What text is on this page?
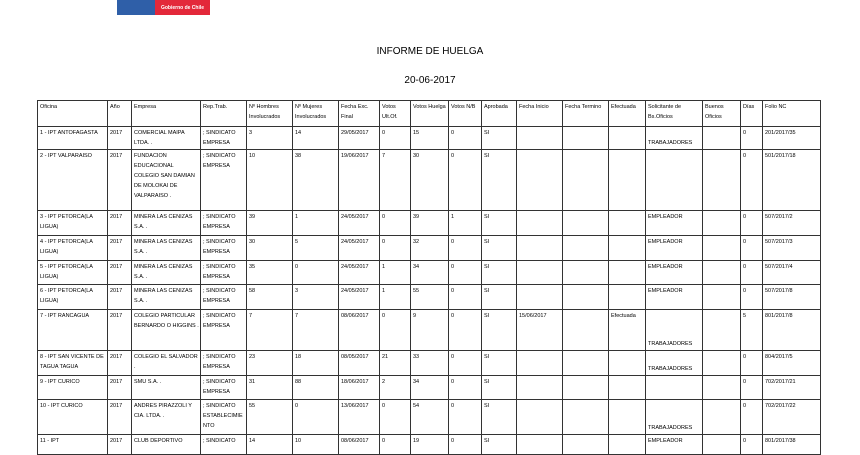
Gobierno de Chile
INFORME DE HUELGA
20-06-2017
Oficina	Año	Empresa	Rep.Trab.	Nº Hombres Involucrados	Nº Mujeres Involucrados	Fecha Exc. Final	Votos Ult.Of.	Votos Huelga	Votos N/B	Aprobada	Fecha Inicio	Fecha Termino	Efectuada	Solicitante de Bs.Oficios	Buenos Oficios	Días	Folio NC
1 - IPT ANTOFAGASTA	2017	COMERCIAL MAIPA LTDA. .	; SINDICATO EMPRESA	3	14	29/05/2017	0	15	0	SI				TRABAJADORES		0	201/2017/35
2 - IPT VALPARAISO	2017	FUNDACION EDUCACIONAL COLEGIO SAN DAMIAN DE MOLOKAI DE VALPARAISO .	; SINDICATO EMPRESA	10	38	19/06/2017	7	30	0	SI						0	501/2017/18
3 - IPT PETORCA(LA LIGUA)	2017	MINERA LAS CENIZAS S.A. .	; SINDICATO EMPRESA	39	1	24/05/2017	0	39	1	SI				EMPLEADOR		0	507/2017/2
4 - IPT PETORCA(LA LIGUA)	2017	MINERA LAS CENIZAS S.A. .	; SINDICATO EMPRESA	30	5	24/05/2017	0	32	0	SI				EMPLEADOR		0	507/2017/3
5 - IPT PETORCA(LA LIGUA)	2017	MINERA LAS CENIZAS S.A. .	; SINDICATO EMPRESA	35	0	24/05/2017	1	34	0	SI				EMPLEADOR		0	507/2017/4
6 - IPT PETORCA(LA LIGUA)	2017	MINERA LAS CENIZAS S.A. .	; SINDICATO EMPRESA	58	3	24/05/2017	1	55	0	SI				EMPLEADOR		0	507/2017/8
7 - IPT RANCAGUA	2017	COLEGIO PARTICULAR BERNARDO O HIGGINS .	; SINDICATO EMPRESA	7	7	08/06/2017	0	9	0	SI	15/06/2017		Efectuada	TRABAJADORES		5	801/2017/8
8 - IPT SAN VICENTE DE TAGUA TAGUA	2017	COLEGIO EL SALVADOR .	; SINDICATO EMPRESA	23	18	08/05/2017	21	33	0	SI				TRABAJADORES		0	804/2017/5
9 - IPT CURICO	2017	SMU S.A. .	; SINDICATO EMPRESA	31	88	18/06/2017	2	34	0	SI						0	702/2017/21
10 - IPT CURICO	2017	ANDRES PIRAZZOLI Y CIA. LTDA. .	; SINDICATO ESTABLECIMIENTO	55	0	13/06/2017	0	54	0	SI				TRABAJADORES		0	702/2017/22
11 - IPT	2017	CLUB DEPORTIVO	; SINDICATO	14	10	08/06/2017	0	19	0	SI				EMPLEADOR		0	801/2017/38
